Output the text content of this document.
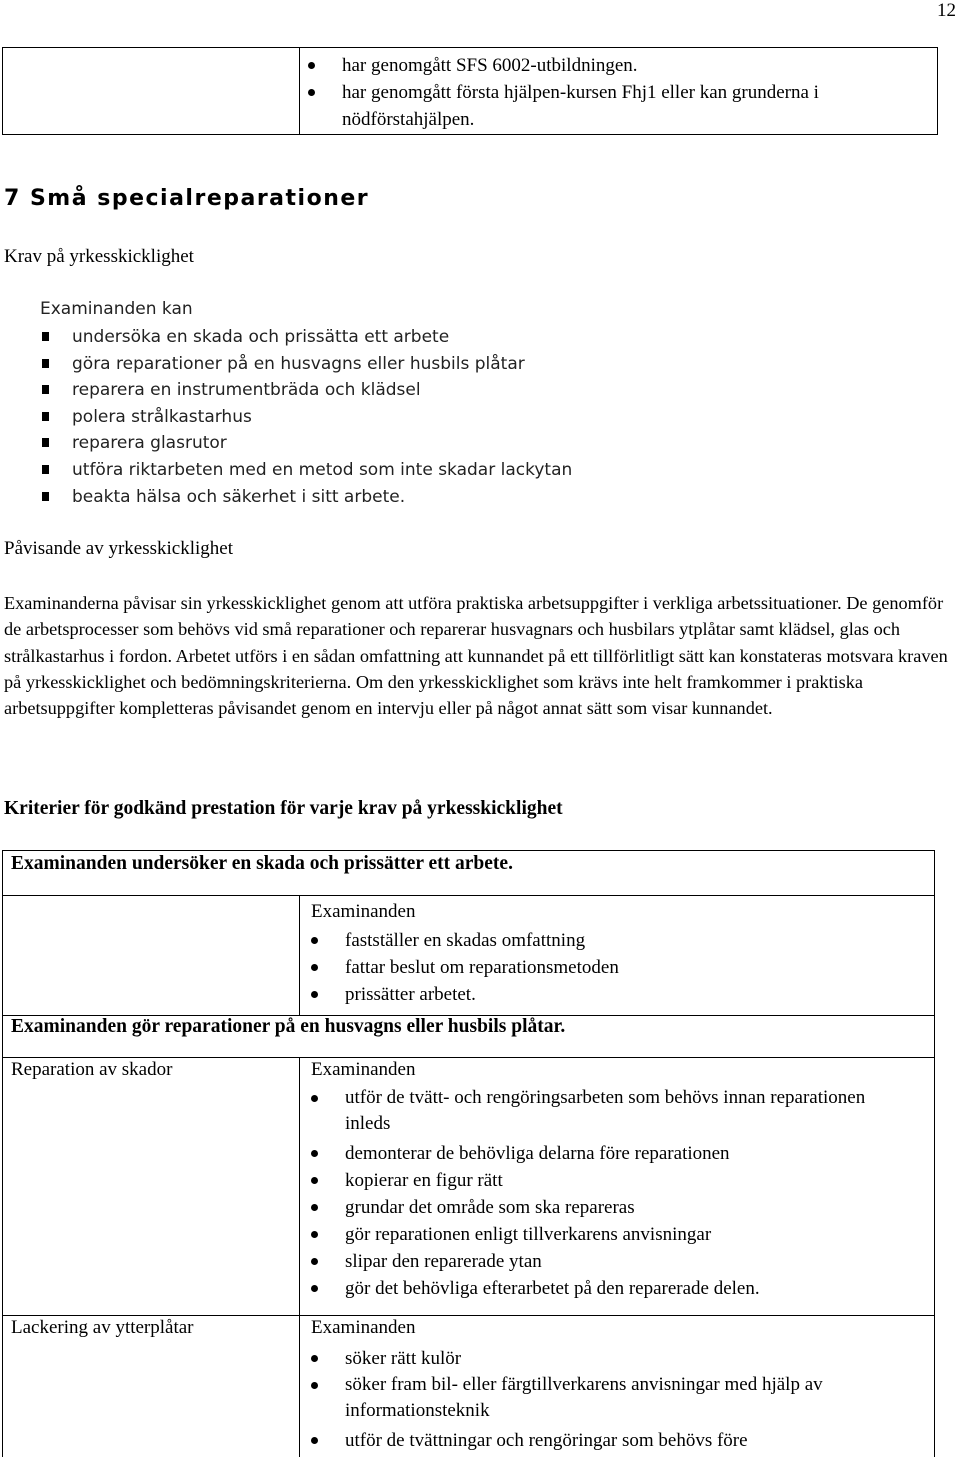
12
har genomgått SFS 6002-utbildningen.
har genomgått första hjälpen-kursen Fhj1 eller kan grunderna i nödförstahjälpen.
7 Små specialreparationer
Krav på yrkesskicklighet
Examinanden kan
undersöka en skada och prissätta ett arbete
göra reparationer på en husvagns eller husbils plåtar
reparera en instrumentbräda och klädsel
polera strålkastarhus
reparera glasrutor
utföra riktarbeten med en metod som inte skadar lackytan
beakta hälsa och säkerhet i sitt arbete.
Påvisande av yrkesskicklighet
Examinanderna påvisar sin yrkesskicklighet genom att utföra praktiska arbetsuppgifter i verkliga arbetssituationer. De genomför de arbetsprocesser som behövs vid små reparationer och reparerar husvagnars och husbilars ytplåtar samt klädsel, glas och strålkastarhus i fordon. Arbetet utförs i en sådan omfattning att kunnandet på ett tillförlitligt sätt kan konstateras motsvara kraven på yrkesskicklighet och bedömningskriterierna. Om den yrkesskicklighet som krävs inte helt framkommer i praktiska arbetsuppgifter kompletteras påvisandet genom en intervju eller på något annat sätt som visar kunnandet.
Kriterier för godkänd prestation för varje krav på yrkesskicklighet
Examinanden undersöker en skada och prissätter ett arbete.
Examinanden
fastställer en skadas omfattning
fattar beslut om reparationsmetoden
prissätter arbetet.
Examinanden gör reparationer på en husvagns eller husbils plåtar.
Reparation av skador	Examinanden
utför de tvätt- och rengöringsarbeten som behövs innan reparationen inleds
demonterar de behövliga delarna före reparationen
kopierar en figur rätt
grundar det område som ska repareras
gör reparationen enligt tillverkarens anvisningar
slipar den reparerade ytan
gör det behövliga efterarbetet på den reparerade delen.
Lackering av ytterplåtar	Examinanden
söker rätt kulör
söker fram bil- eller färgtillverkarens anvisningar med hjälp av informationsteknik
utför de tvättningar och rengöringar som behövs före
